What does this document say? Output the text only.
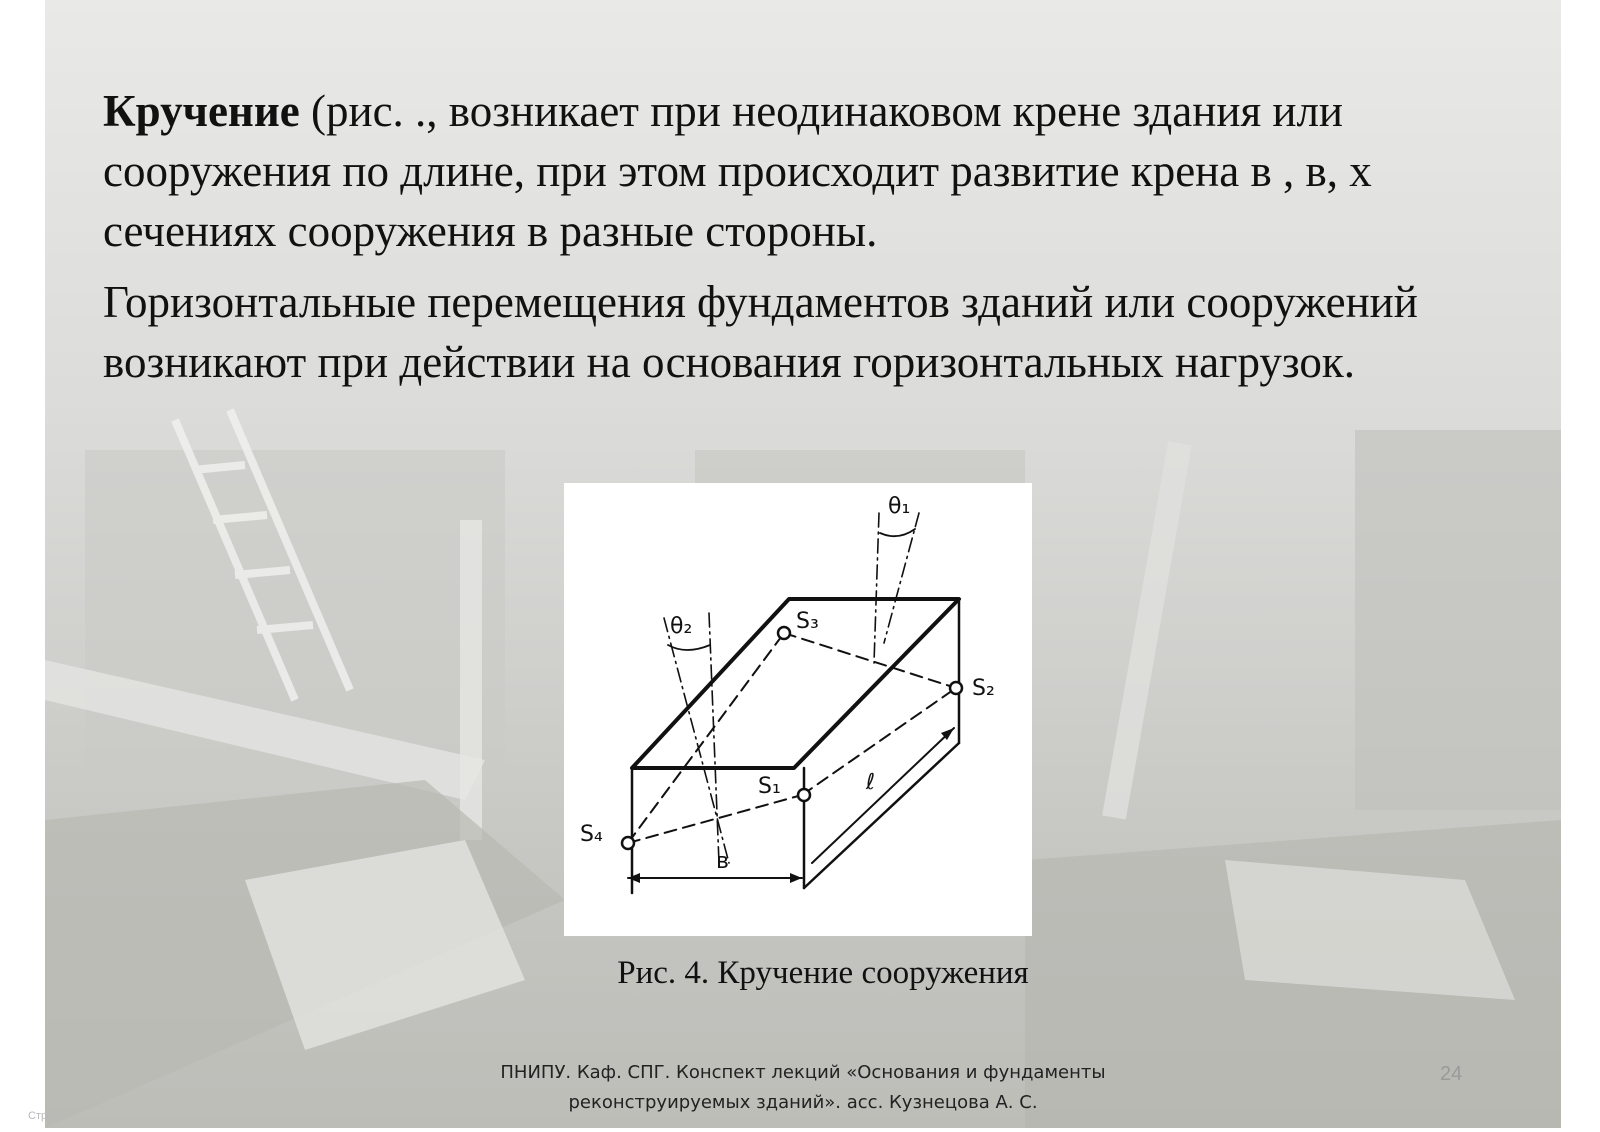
Кручение (рис. ., возникает при неодинаковом крене здания или сооружения по длине, при этом происходит развитие крена в , в, х сечениях сооружения в разные стороны.

Горизонтальные перемещения фундаментов зданий или сооружений возникают при действии на основания горизонтальных нагрузок.

θ₁
θ₂	S₃
S₂
S₁
S₄
ℓ
в
Рис. 4. Кручение сооружения
ПНИПУ. Каф. СПГ. Конспект лекций «Основания и фундаменты
реконструируемых зданий». асс. Кузнецова А. С.
24
Стр. 24
